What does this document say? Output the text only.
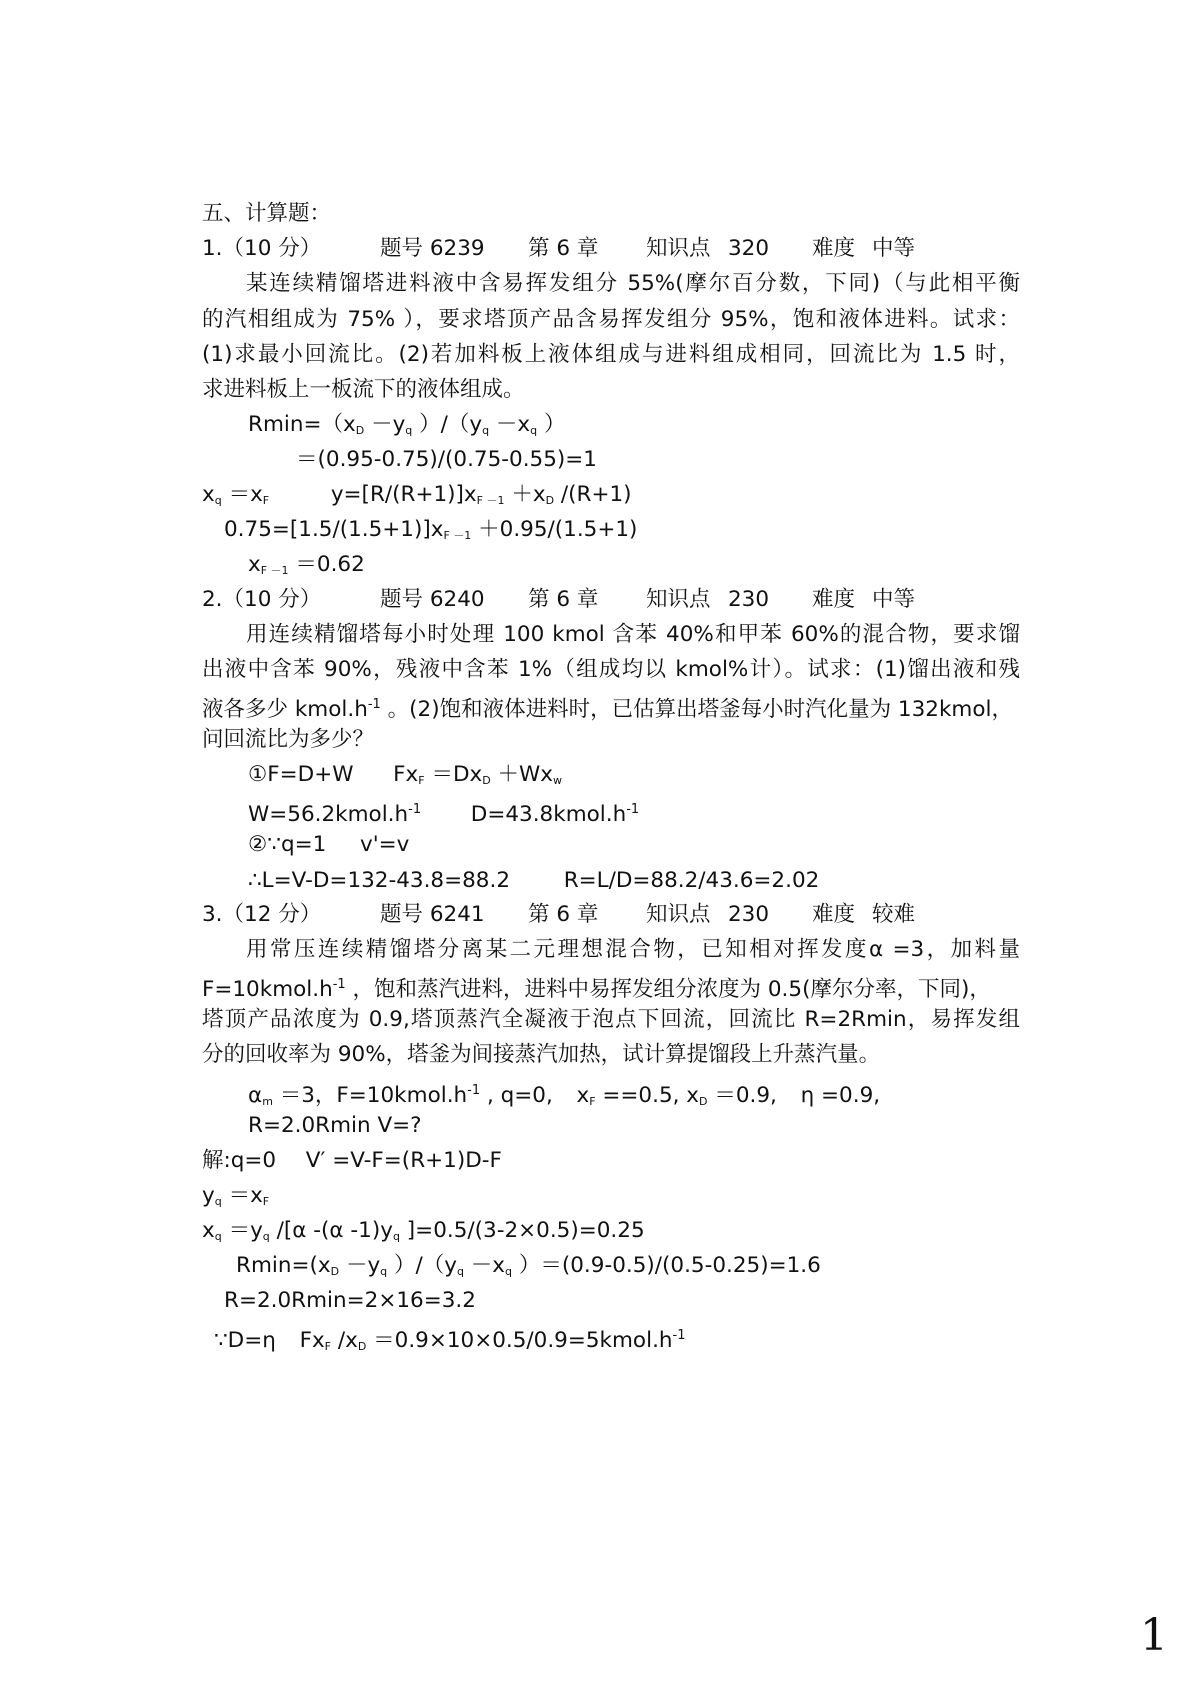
五、计算题：
1.（10 分）	题号 6239 第 6 章 知识点 320 难度 中等
某连续精馏塔进料液中含易挥发组分 55%(摩尔百分数，下同)（与此相平衡
的汽相组成为 75% ），要求塔顶产品含易挥发组分 95%，饱和液体进料。试求：
(1)求最小回流比。(2)若加料板上液体组成与进料组成相同，回流比为 1.5 时，
求进料板上一板流下的液体组成。
$Rmin=(x_D -y_q$ ）$/(y_q -x_q$ ）
＝(0.95-0.75)/(0.75-0.55)=1
$x_q =x_F$	$y=[R/(R+1)]x_{F -1} +x_D$ /(R+1)
$0.75=[1.5/(1.5+1)]x_{F -1} +0.95/(1.5+1)$
$x_{F -1} =0.62$
2.（10 分）	题号 6240 第 6 章 知识点 230 难度 中等
用连续精馏塔每小时处理 100 kmol 含苯 40%和甲苯 60%的混合物，要求馏
出液中含苯 90%，残液中含苯 1%（组成均以 kmol%计）。试求：(1)馏出液和残
液各多少 $kmol.h^{-1}$ 。(2)饱和液体进料时，已估算出塔釜每小时汽化量为 132kmol，
问回流比为多少？
①F=D+W $Fx_F =Dx_D +Wx_w$
$W=56.2kmol.h^{-1}$ $D=43.8kmol.h^{-1}$
②∵q=1 v'=v
∴L=V-D=132-43.8=88.2 R=L/D=88.2/43.6=2.02
3.（12 分）	题号 6241 第 6 章 知识点 230 难度 较难
用常压连续精馏塔分离某二元理想混合物，已知相对挥发度α =3，加料量
$F=10kmol.h^{-1}$ ，饱和蒸汽进料，进料中易挥发组分浓度为 0.5(摩尔分率，下同)，
塔顶产品浓度为 0.9,塔顶蒸汽全凝液于泡点下回流，回流比 R=2Rmin，易挥发组
分的回收率为 90%，塔釜为间接蒸汽加热，试计算提馏段上升蒸汽量。
$\alpha_m =3$，$F=10kmol.h^{-1}$ , q=0, $x_F ==0.5$, $x_D =0.9$, η =0.9,
R=2.0Rmin V=?
解:q=0 V′ =V-F=(R+1)D-F
$y_q =x_F$
$x_q =y_q$ /[α -(α $-1)y_q$ ]=0.5/(3-2×0.5)=0.25
$Rmin=(x_D -y_q$ ）$/(y_q -x_q$ ）＝(0.9-0.5)/(0.5-0.25)=1.6
R=2.0Rmin=2×16=3.2
∵D=η $Fx_F$ $/x_D$ $=0.9\times 10\times 0.5/0.9=5kmol.h^{-1}$
1
